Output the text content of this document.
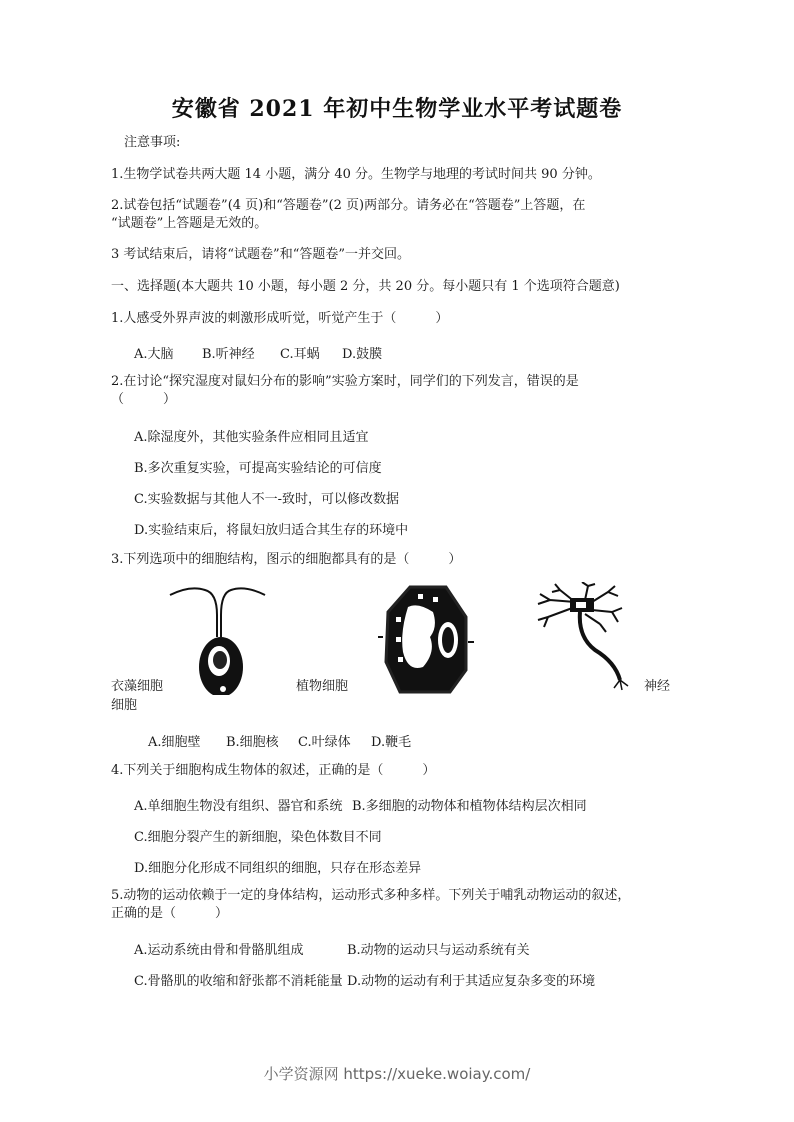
安徽省 2021 年初中生物学业水平考试题卷
注意事项:
1.生物学试卷共两大题 14 小题，满分 40 分。生物学与地理的考试时间共 90 分钟。
2.试卷包括“试题卷”(4 页)和“答题卷”(2 页)两部分。请务必在“答题卷”上答题，在
“试题卷”上答题是无效的。
3 考试结束后，请将“试题卷”和“答题卷”一并交回。
一、选择题(本大题共 10 小题，每小题 2 分，共 20 分。每小题只有 1 个选项符合题意)
1.人感受外界声波的刺激形成听觉，听觉产生于（　　　）
A.大脑 B.听神经 C.耳蜗 D.鼓膜
2.在讨论“探究湿度对鼠妇分布的影响”实验方案时，同学们的下列发言，错误的是
（　　　）
A.除湿度外，其他实验条件应相同且适宜
B.多次重复实验，可提高实验结论的可信度
C.实验数据与其他人不一-致时，可以修改数据
D.实验结束后，将鼠妇放归适合其生存的环境中
3.下列选项中的细胞结构，图示的细胞都具有的是（　　　）
衣藻细胞
细胞
植物细胞	神经
A.细胞壁 B.细胞核 C.叶绿体 D.鞭毛
4.下列关于细胞构成生物体的叙述，正确的是（　　　）
A.单细胞生物没有组织、器官和系统 B.多细胞的动物体和植物体结构层次相同
C.细胞分裂产生的新细胞，染色体数目不同
D.细胞分化形成不同组织的细胞，只存在形态差异
5.动物的运动依赖于一定的身体结构，运动形式多种多样。下列关于哺乳动物运动的叙述，
正确的是（　　　）
A.运动系统由骨和骨骼肌组成	B.动物的运动只与运动系统有关
C.骨骼肌的收缩和舒张都不消耗能量 D.动物的运动有利于其适应复杂多变的环境
小学资源网 https://xueke.woiay.com/
